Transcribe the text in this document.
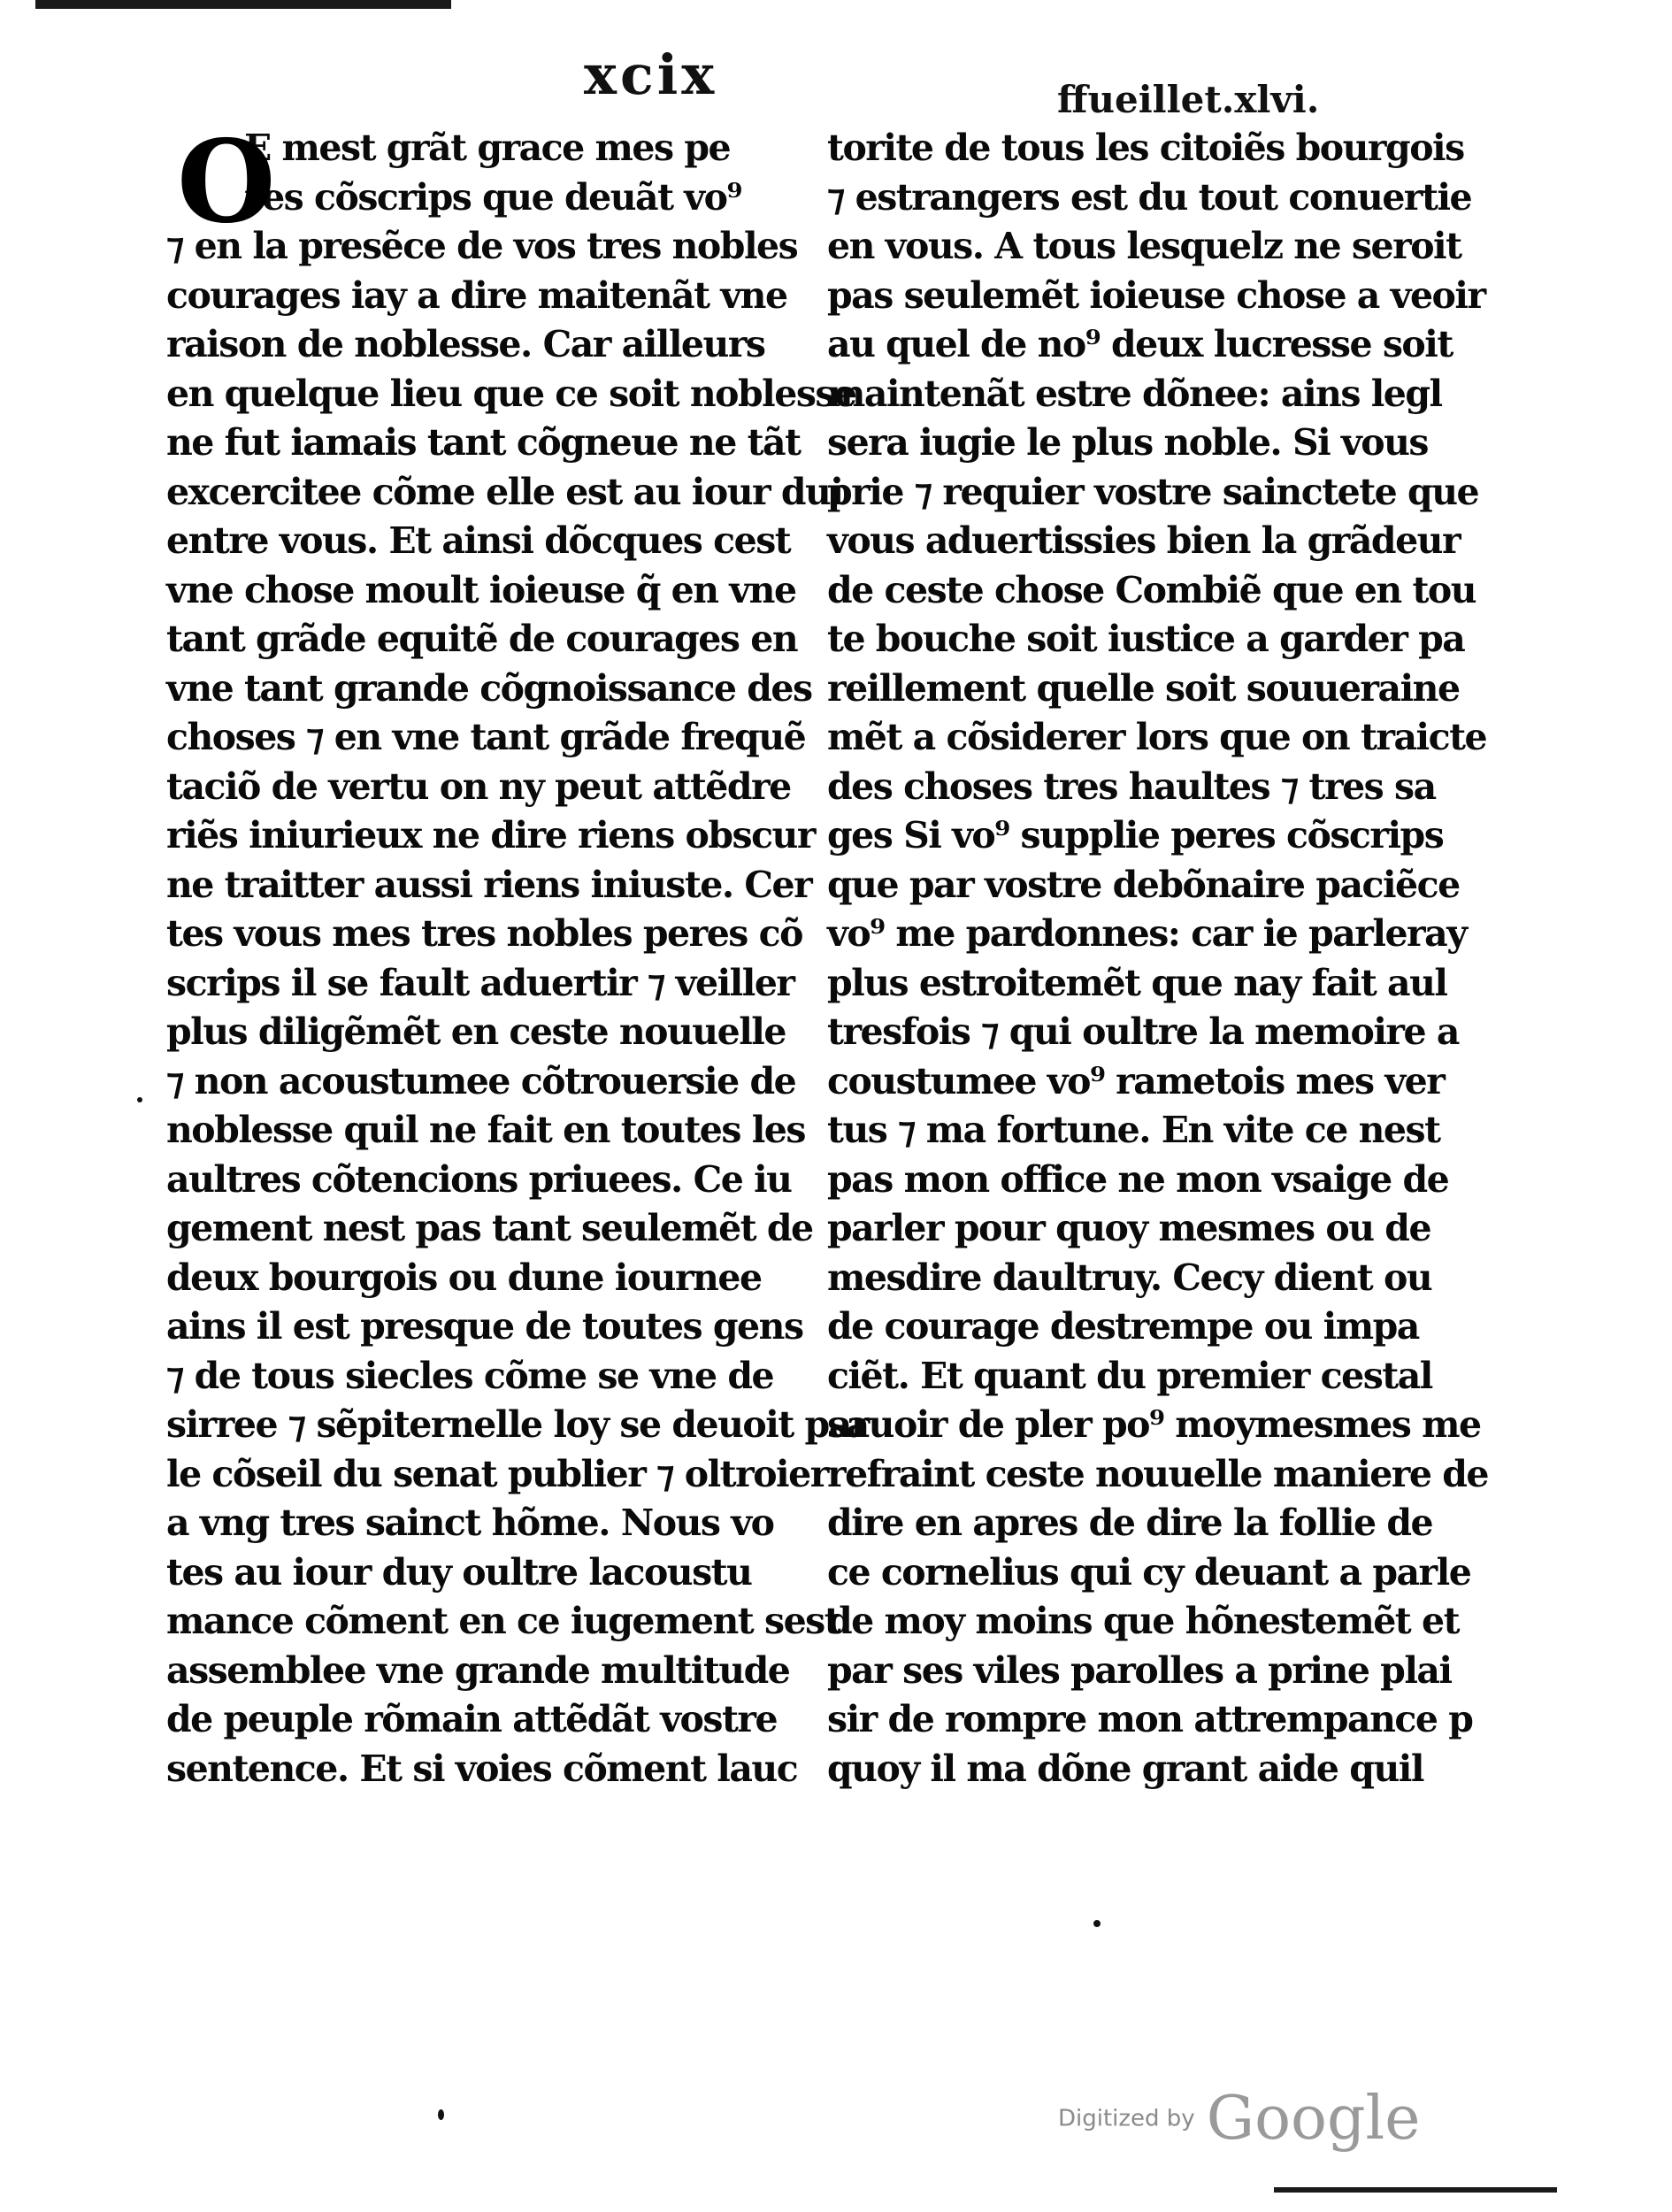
xcix	ffueillet.xlvi.
O
E mest grãt grace mes pe
res cõscrips que deuãt vo⁹
⁊ en la presẽce de vos tres nobles
courages iay a dire maitenãt vne
raison de noblesse. Car ailleurs
en quelque lieu que ce soit noblesse
ne fut iamais tant cõgneue ne tãt
excercitee cõme elle est au iour dui
entre vous. Et ainsi dõcques cest
vne chose moult ioieuse q̃ en vne
tant grãde equitẽ de courages en
vne tant grande cõgnoissance des
choses ⁊ en vne tant grãde frequẽ
taciõ de vertu on ny peut attẽdre
riẽs iniurieux ne dire riens obscur
ne traitter aussi riens iniuste. Cer
tes vous mes tres nobles peres cõ
scrips il se fault aduertir ⁊ veiller
plus diligẽmẽt en ceste nouuelle
⁊ non acoustumee cõtrouersie de
noblesse quil ne fait en toutes les
aultres cõtencions priuees. Ce iu
gement nest pas tant seulemẽt de
deux bourgois ou dune iournee
ains il est presque de toutes gens
⁊ de tous siecles cõme se vne de
sirree ⁊ sẽpiternelle loy se deuoit par
le cõseil du senat publier ⁊ oltroier
a vng tres sainct hõme. Nous vo
tes au iour duy oultre lacoustu
mance cõment en ce iugement sest
assemblee vne grande multitude
de peuple rõmain attẽdãt vostre
sentence. Et si voies cõment lauc
torite de tous les citoiẽs bourgois
⁊ estrangers est du tout conuertie
en vous. A tous lesquelz ne seroit
pas seulemẽt ioieuse chose a veoir
au quel de no⁹ deux lucresse soit
maintenãt estre dõnee: ains legl
sera iugie le plus noble. Si vous
prie ⁊ requier vostre sainctete que
vous aduertissies bien la grãdeur
de ceste chose Combiẽ que en tou
te bouche soit iustice a garder pa
reillement quelle soit souueraine
mẽt a cõsiderer lors que on traicte
des choses tres haultes ⁊ tres sa
ges Si vo⁹ supplie peres cõscrips
que par vostre debõnaire paciẽce
vo⁹ me pardonnes: car ie parleray
plus estroitemẽt que nay fait aul
tresfois ⁊ qui oultre la memoire a
coustumee vo⁹ rametois mes ver
tus ⁊ ma fortune. En vite ce nest
pas mon office ne mon vsaige de
parler pour quoy mesmes ou de
mesdire daultruy. Cecy dient ou
de courage destrempe ou impa
ciẽt. Et quant du premier cestal
sauoir de pler po⁹ moymesmes me
refraint ceste nouuelle maniere de
dire en apres de dire la follie de
ce cornelius qui cy deuant a parle
de moy moins que hõnestemẽt et
par ses viles parolles a prine plai
sir de rompre mon attrempance p
quoy il ma dõne grant aide quil
Digitized by Google
